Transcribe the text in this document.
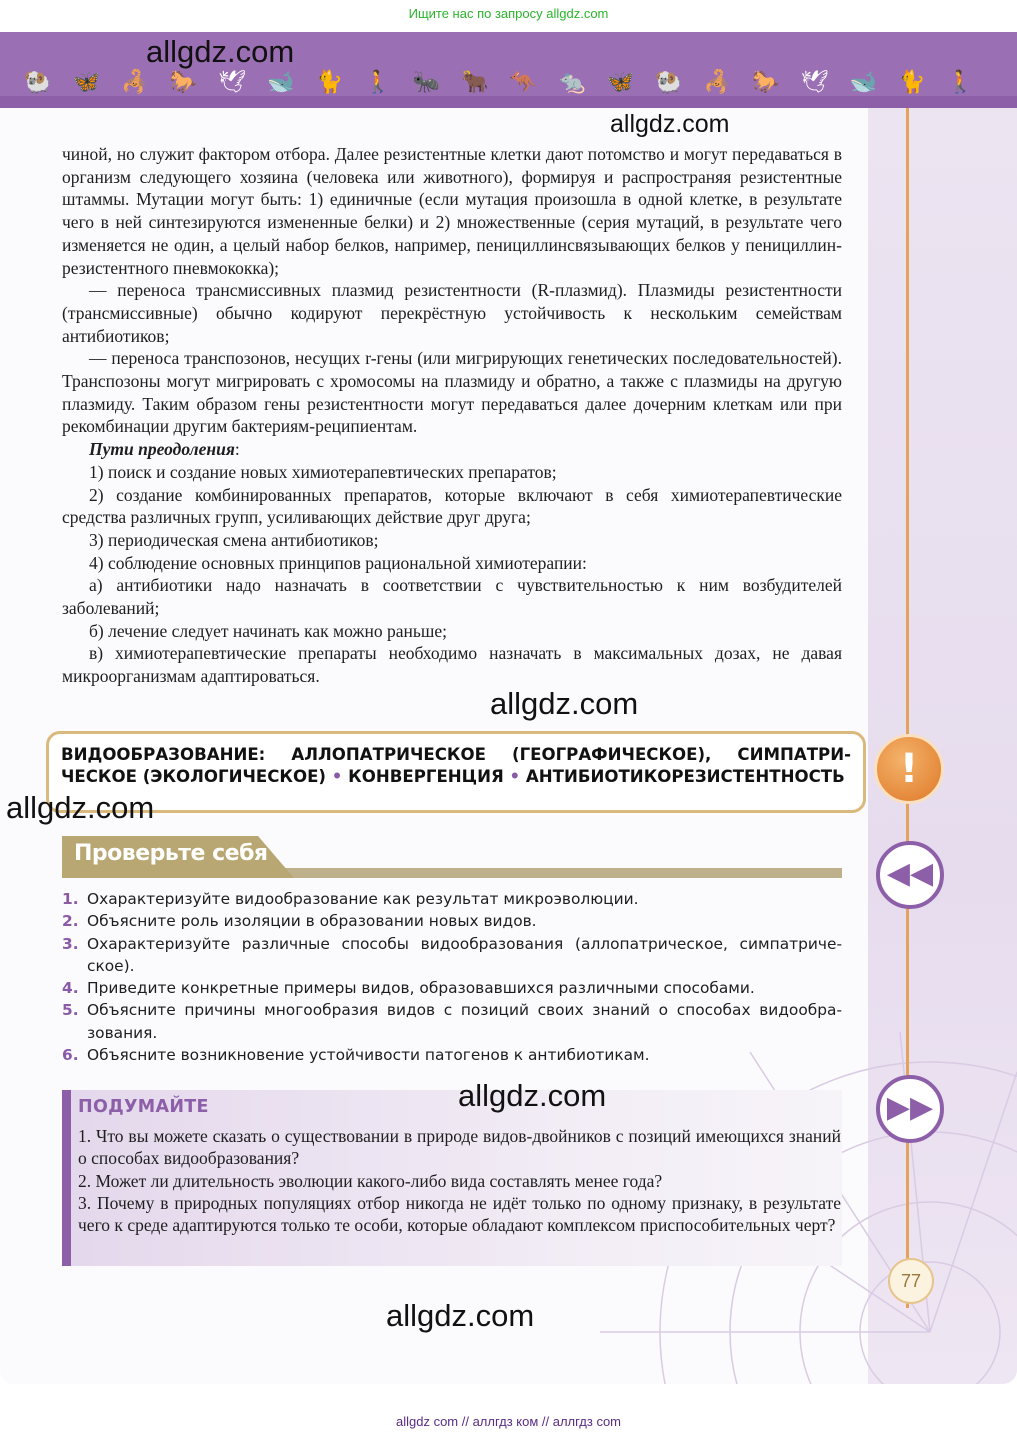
Ищите нас по запросу allgdz.com
🐏 🦋 🦂 🐎 🕊 🐋 🐈 🚶 🐜 🐂 🦘 🐀 🦋 🐏 🦂 🐎 🕊 🐋 🐈 🚶
allgdz.com
allgdz.com

чиной, но служит фактором отбора. Далее резистентные клетки дают потомство и могут передаваться в организм следующего хозяина (человека или животного), формируя и распространяя резистентные штаммы. Мутации могут быть: 1) единичные (если мутация произошла в одной клетке, в результате чего в ней синтезируются измененные белки) и 2) множественные (серия мутаций, в результате чего изменяется не один, а целый набор белков, например, пенициллинсвязывающих белков у пенициллин-резистентного пневмококка);

— переноса трансмиссивных плазмид резистентности (R-плазмид). Плазмиды резистентности (трансмиссивные) обычно кодируют перекрёстную устойчивость к нескольким семействам антибиотиков;

— переноса транспозонов, несущих r-гены (или мигрирующих генетических последовательностей). Транспозоны могут мигрировать с хромосомы на плазмиду и обратно, а также с плазмиды на другую плазмиду. Таким образом гены резистентности могут передаваться далее дочерним клеткам или при рекомбинации другим бактериям-реципиентам.

Пути преодоления:

1) поиск и создание новых химиотерапевтических препаратов;

2) создание комбинированных препаратов, которые включают в себя химиотерапевтические средства различных групп, усиливающих действие друг друга;

3) периодическая смена антибиотиков;

4) соблюдение основных принципов рациональной химиотерапии:

а) антибиотики надо назначать в соответствии с чувствительностью к ним возбудителей заболеваний;

б) лечение следует начинать как можно раньше;

в) химиотерапевтические препараты необходимо назначать в максимальных дозах, не давая микроорганизмам адаптироваться.

allgdz.com
ВИДООБРАЗОВАНИЕ: АЛЛОПАТРИЧЕСКОЕ (ГЕОГРАФИЧЕСКОЕ), СИМПАТРИ-
ЧЕСКОЕ (ЭКОЛОГИЧЕСКОЕ) • КОНВЕРГЕНЦИЯ • АНТИБИОТИКОРЕЗИСТЕНТНОСТЬ	!
◀◀
▶▶
allgdz.com
Проверьте себя
1. Охарактеризуйте видообразование как результат микроэволюции.
2. Объясните роль изоляции в образовании новых видов.
3. Охарактеризуйте различные способы видообразования (аллопатрическое, симпатрическое).
4. Приведите конкретные примеры видов, образовавшихся различными способами.
5. Объясните причины многообразия видов с позиций своих знаний о способах видообразования.
6. Объясните возникновение устойчивости патогенов к антибиотикам.
ПОДУМАЙТЕ

1. Что вы можете сказать о существовании в природе видов-двойников с позиций имеющихся знаний о способах видообразования?

2. Может ли длительность эволюции какого-либо вида составлять менее года?

3. Почему в природных популяциях отбор никогда не идёт только по одному признаку, в результате чего к среде адаптируются только те особи, которые обладают комплексом приспособительных черт?

allgdz.com
77
allgdz.com
allgdz com // аллгдз ком // аллгдз com
